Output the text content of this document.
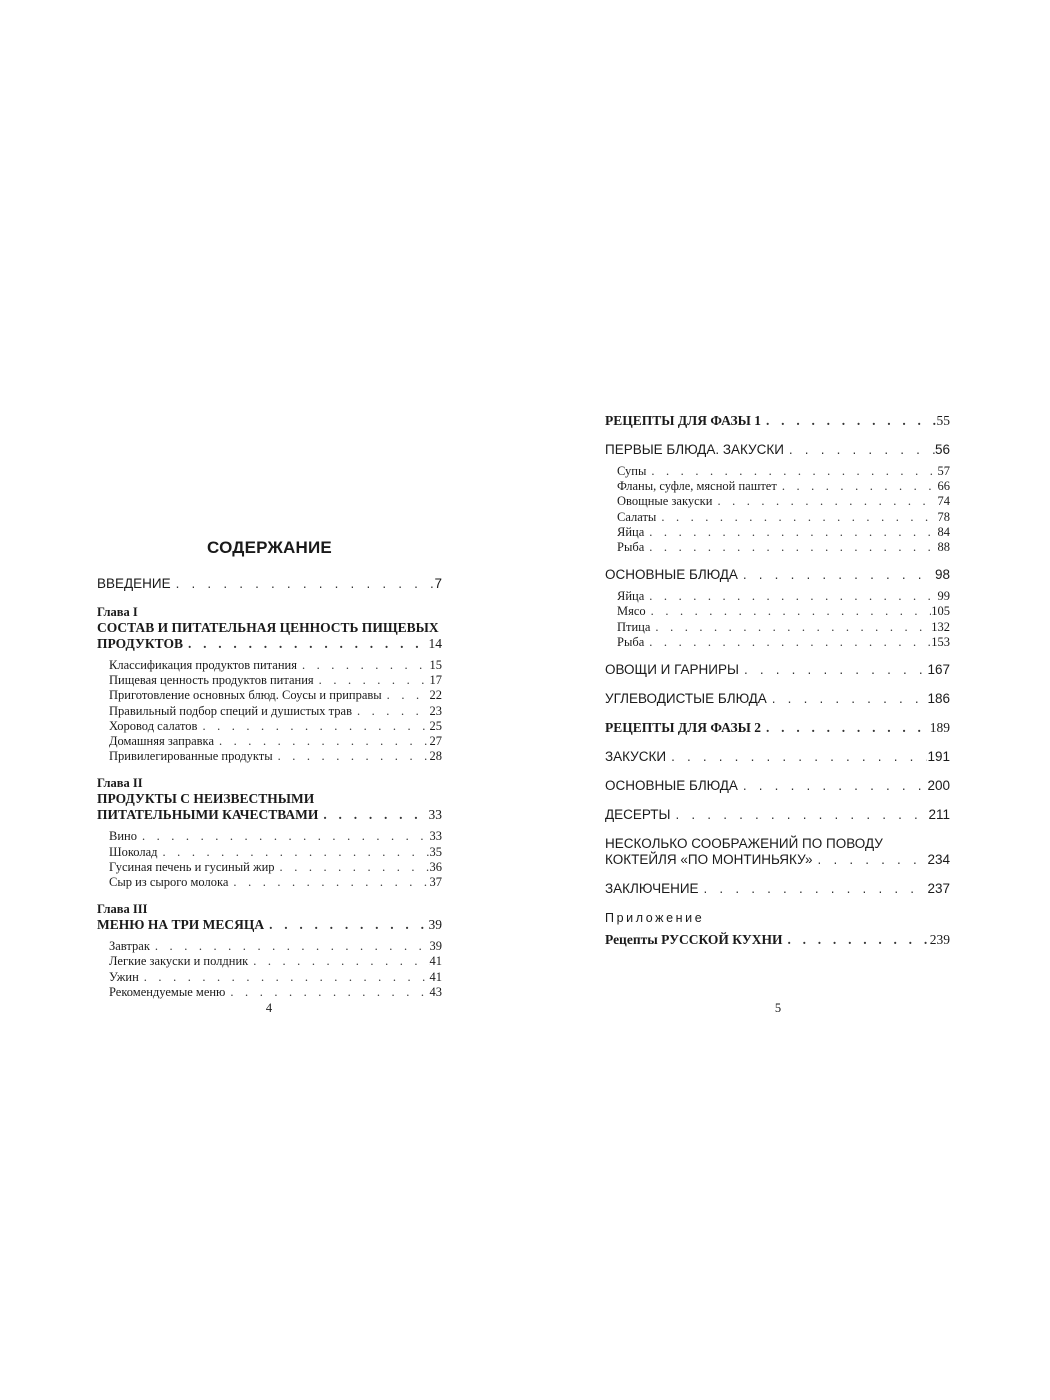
СОДЕРЖАНИЕ
ВВЕДЕНИЕ . . .	7
Глава I
СОСТАВ И ПИТАТЕЛЬНАЯ ЦЕННОСТЬ ПИЩЕВЫХ
ПРОДУКТОВ . . .	14
Классификация продуктов питания . . .	15
Пищевая ценность продуктов питания . . .	17
Приготовление основных блюд. Соусы и приправы . . .	22
Правильный подбор специй и душистых трав . . .	23
Хоровод салатов . . .	25
Домашняя заправка . . .	27
Привилегированные продукты . . .	28
Глава II
ПРОДУКТЫ С НЕИЗВЕСТНЫМИ
ПИТАТЕЛЬНЫМИ КАЧЕСТВАМИ . . .	33
Вино . . .	33
Шоколад . . .	35
Гусиная печень и гусиный жир . . .	36
Сыр из сырого молока . . .	37
Глава III
МЕНЮ НА ТРИ МЕСЯЦА . . .	39
Завтрак . . .	39
Легкие закуски и полдник . . .	41
Ужин . . .	41
Рекомендуемые меню . . .	43
4
РЕЦЕПТЫ ДЛЯ ФАЗЫ 1 . . .	55
ПЕРВЫЕ БЛЮДА. ЗАКУСКИ . . .	56
Супы . . .	57
Фланы, суфле, мясной паштет . . .	66
Овощные закуски . . .	74
Салаты . . .	78
Яйца . . .	84
Рыба . . .	88
ОСНОВНЫЕ БЛЮДА . . .	98
Яйца . . .	99
Мясо . . .	105
Птица . . .	132
Рыба . . .	153
ОВОЩИ И ГАРНИРЫ . . .	167
УГЛЕВОДИСТЫЕ БЛЮДА . . .	186
РЕЦЕПТЫ ДЛЯ ФАЗЫ 2 . . .	189
ЗАКУСКИ . . .	191
ОСНОВНЫЕ БЛЮДА . . .	200
ДЕСЕРТЫ . . .	211
НЕСКОЛЬКО СООБРАЖЕНИЙ ПО ПОВОДУ
КОКТЕЙЛЯ «ПО МОНТИНЬЯКУ» . . .	234
ЗАКЛЮЧЕНИЕ . . .	237
Приложение
Рецепты РУССКОЙ КУХНИ . . .	239
5
